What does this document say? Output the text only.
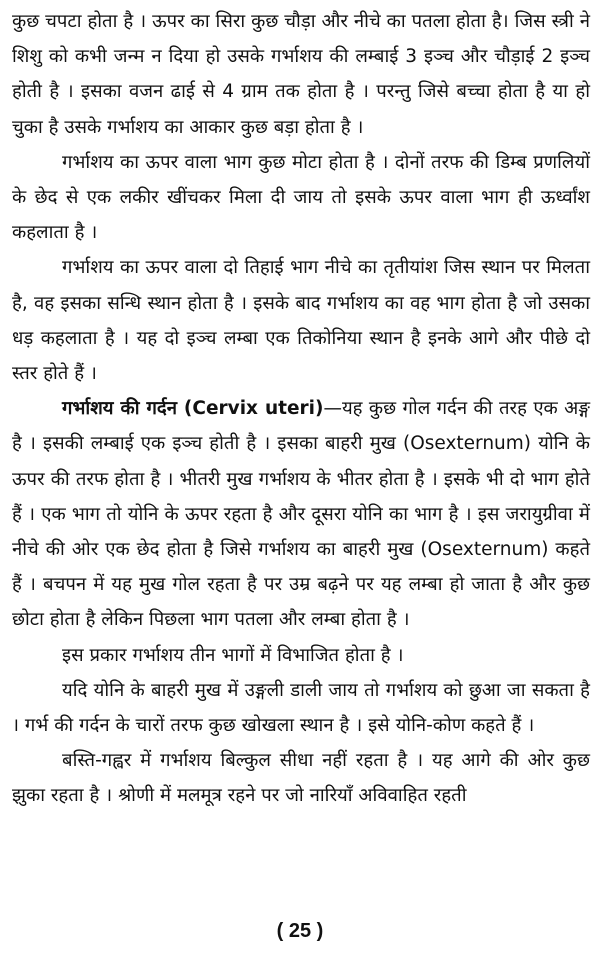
कुछ चपटा होता है । ऊपर का सिरा कुछ चौड़ा और नीचे का पतला होता है। जिस स्त्री ने शिशु को कभी जन्म न दिया हो उसके गर्भाशय की लम्बाई 3 इञ्च और चौड़ाई 2 इञ्च होती है । इसका वजन ढाई से 4 ग्राम तक होता है । परन्तु जिसे बच्चा होता है या हो चुका है उसके गर्भाशय का आकार कुछ बड़ा होता है ।

गर्भाशय का ऊपर वाला भाग कुछ मोटा होता है । दोनों तरफ की डिम्ब प्रणलियों के छेद से एक लकीर खींचकर मिला दी जाय तो इसके ऊपर वाला भाग ही ऊर्ध्वांश कहलाता है ।

गर्भाशय का ऊपर वाला दो तिहाई भाग नीचे का तृतीयांश जिस स्थान पर मिलता है, वह इसका सन्धि स्थान होता है । इसके बाद गर्भाशय का वह भाग होता है जो उसका धड़ कहलाता है । यह दो इञ्च लम्बा एक तिकोनिया स्थान है इनके आगे और पीछे दो स्तर होते हैं ।

गर्भाशय की गर्दन (Cervix uteri)—यह कुछ गोल गर्दन की तरह एक अङ्ग है । इसकी लम्बाई एक इञ्च होती है । इसका बाहरी मुख (Osexternum) योनि के ऊपर की तरफ होता है । भीतरी मुख गर्भाशय के भीतर होता है । इसके भी दो भाग होते हैं । एक भाग तो योनि के ऊपर रहता है और दूसरा योनि का भाग है । इस जरायुग्रीवा में नीचे की ओर एक छेद होता है जिसे गर्भाशय का बाहरी मुख (Osexternum) कहते हैं । बचपन में यह मुख गोल रहता है पर उम्र बढ़ने पर यह लम्बा हो जाता है और कुछ छोटा होता है लेकिन पिछला भाग पतला और लम्बा होता है ।

इस प्रकार गर्भाशय तीन भागों में विभाजित होता है ।

यदि योनि के बाहरी मुख में उङ्गली डाली जाय तो गर्भाशय को छुआ जा सकता है । गर्भ की गर्दन के चारों तरफ कुछ खोखला स्थान है । इसे योनि-कोण कहते हैं ।

बस्ति-गह्वर में गर्भाशय बिल्कुल सीधा नहीं रहता है । यह आगे की ओर कुछ झुका रहता है । श्रोणी में मलमूत्र रहने पर जो नारियाँ अविवाहित रहती

( 25 )
